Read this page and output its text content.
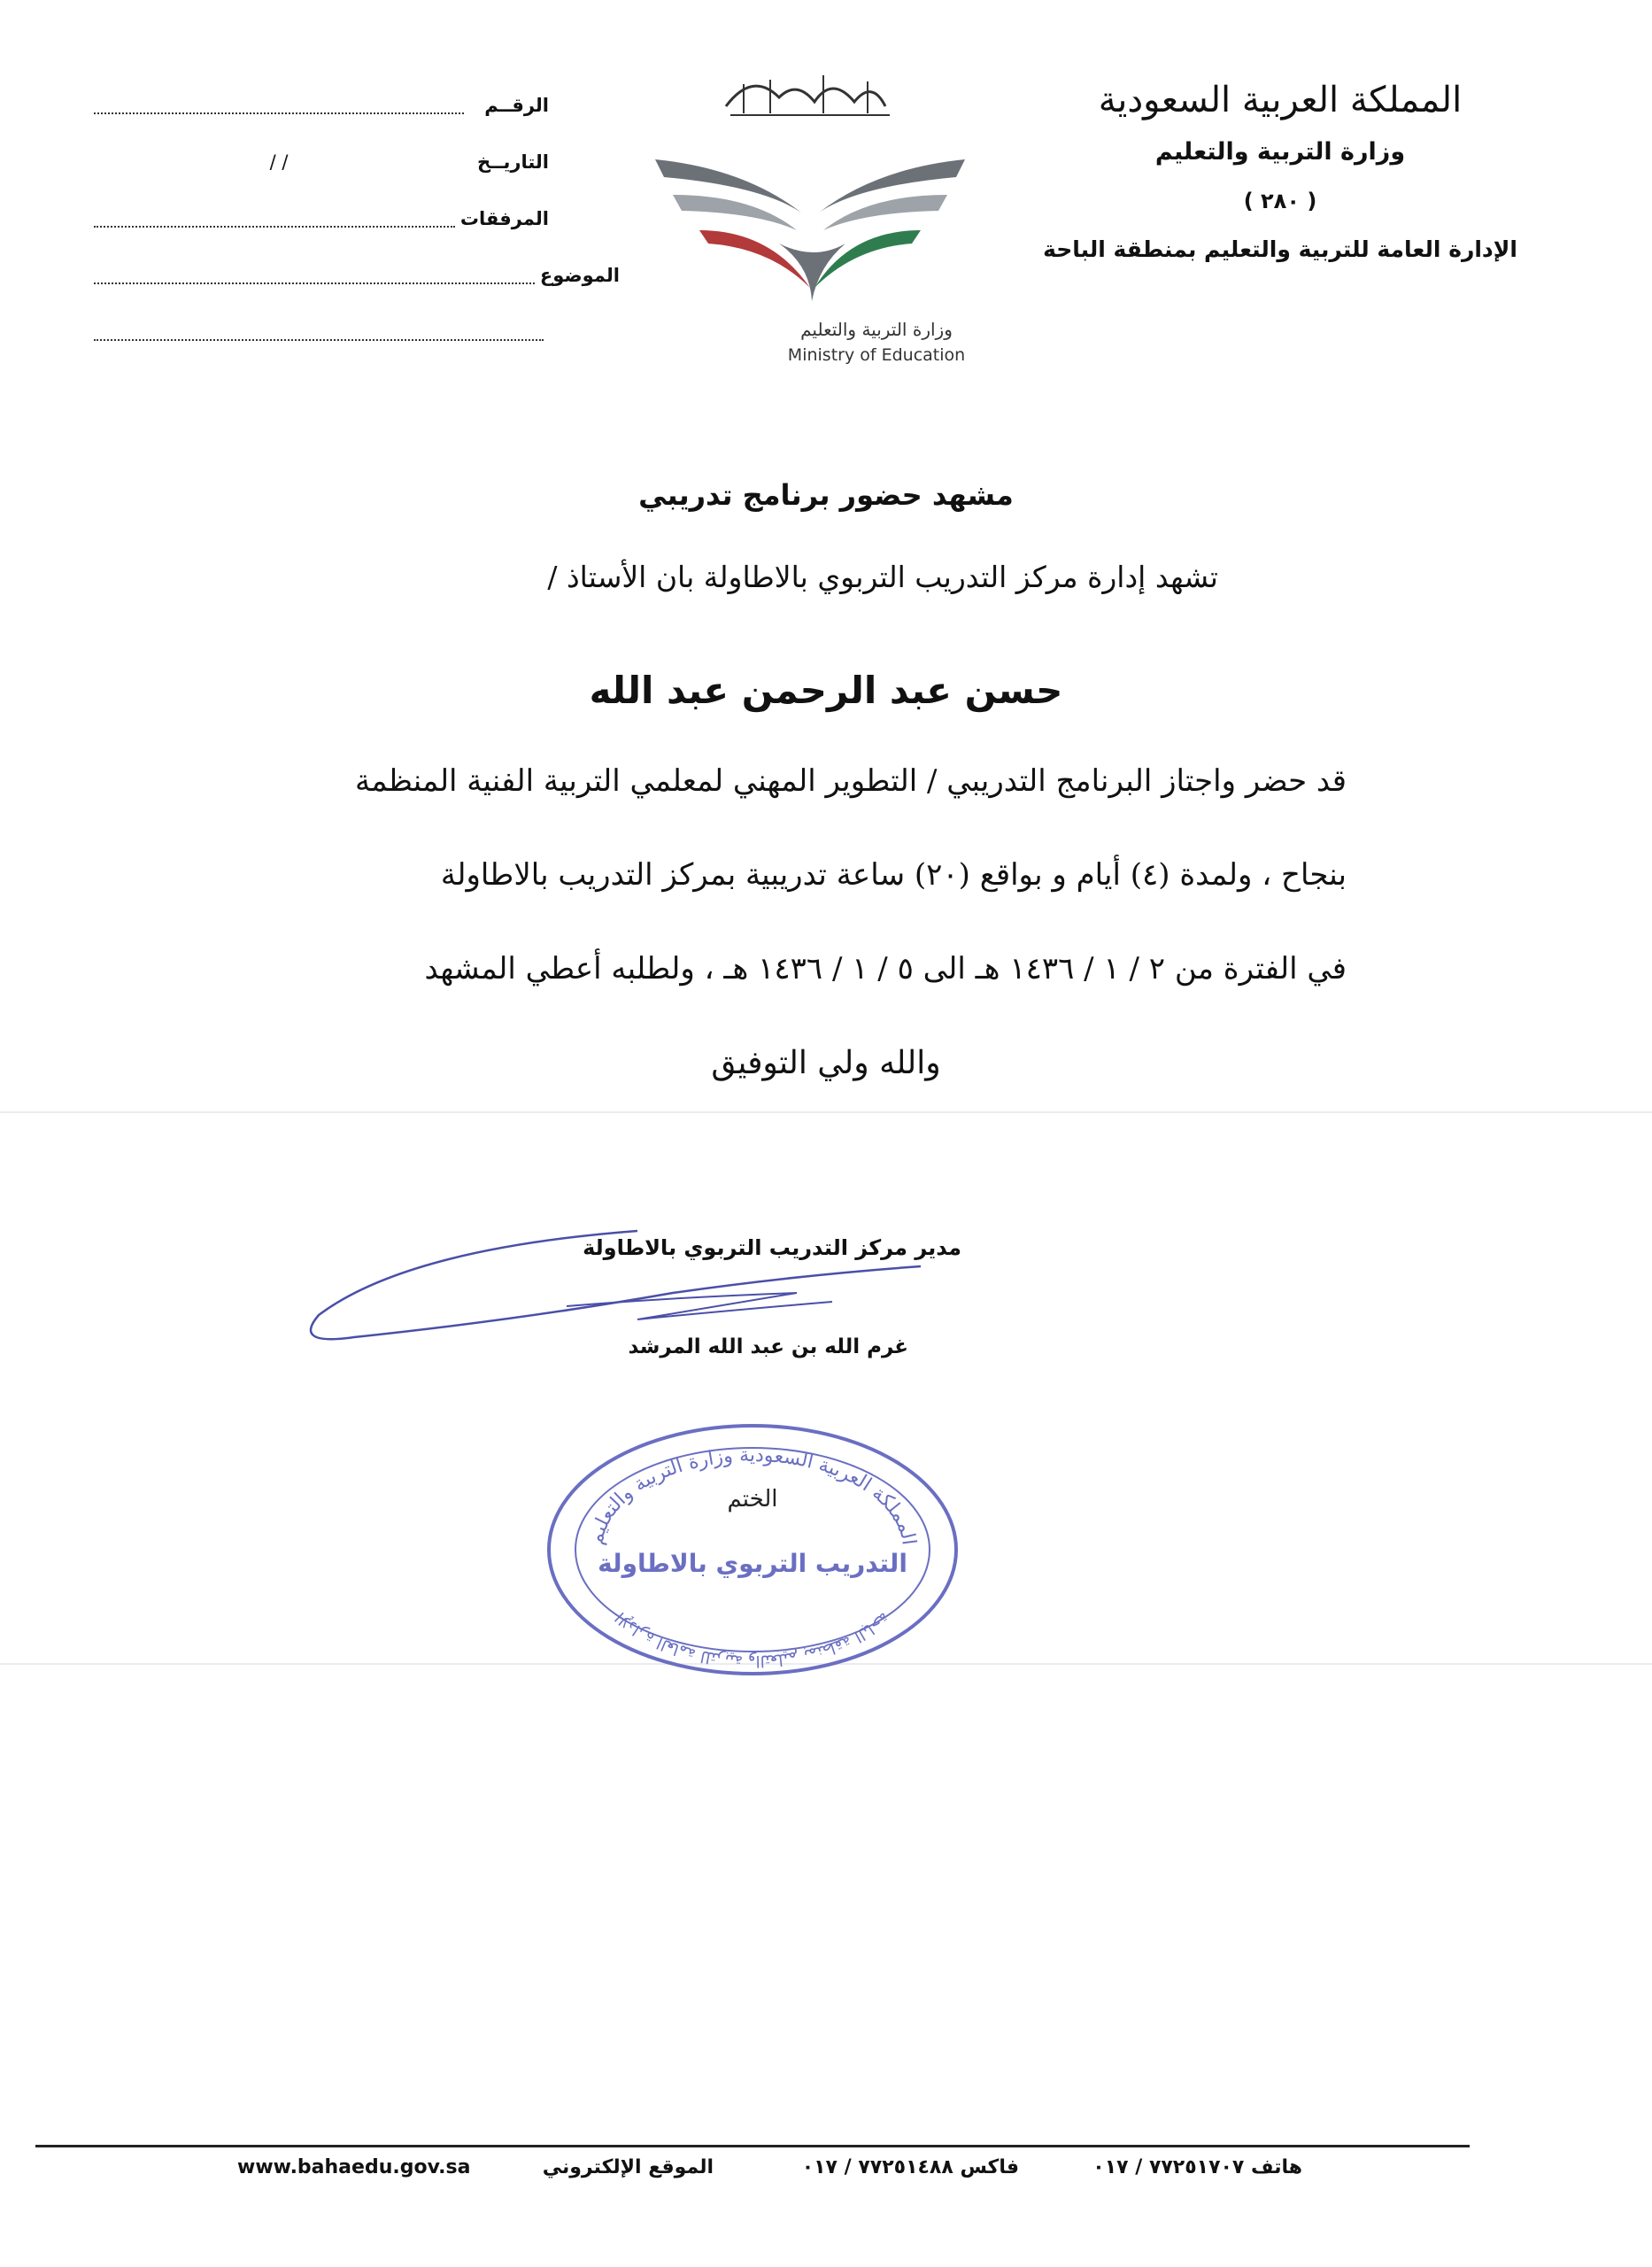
المملكة العربية السعودية
وزارة التربية والتعليم
( ٢٨٠ )
الإدارة العامة للتربية والتعليم بمنطقة الباحة
الرقــم
التاريــخ
/ /
المرفقات
الموضوع
وزارة التربية والتعليم
Ministry of Education
مشهد حضور برنامج تدريبي
تشهد إدارة مركز التدريب التربوي بالاطاولة بان الأستاذ /
حسن عبد الرحمن عبد الله
قد حضر واجتاز البرنامج التدريبي / التطوير المهني لمعلمي التربية الفنية المنظمة
بنجاح ، ولمدة (٤) أيام و بواقع (٢٠) ساعة تدريبية بمركز التدريب بالاطاولة
في الفترة من ٢ / ١ / ١٤٣٦ هـ الى ٥ / ١ / ١٤٣٦ هـ ، ولطلبه أعطي المشهد
والله ولي التوفيق
مدير مركز التدريب التربوي بالاطاولة
غرم الله بن عبد الله المرشد
المملكة العربية السعودية وزارة التربية والتعليم
التدريب التربوي بالاطاولة
الإدارة العامة للتربية والتعليم بمنطقة الباحة
الختم
هاتف ٧٧٢٥١٧٠٧ / ٠١٧
فاكس ٧٧٢٥١٤٨٨ / ٠١٧
الموقع الإلكتروني
www.bahaedu.gov.sa
